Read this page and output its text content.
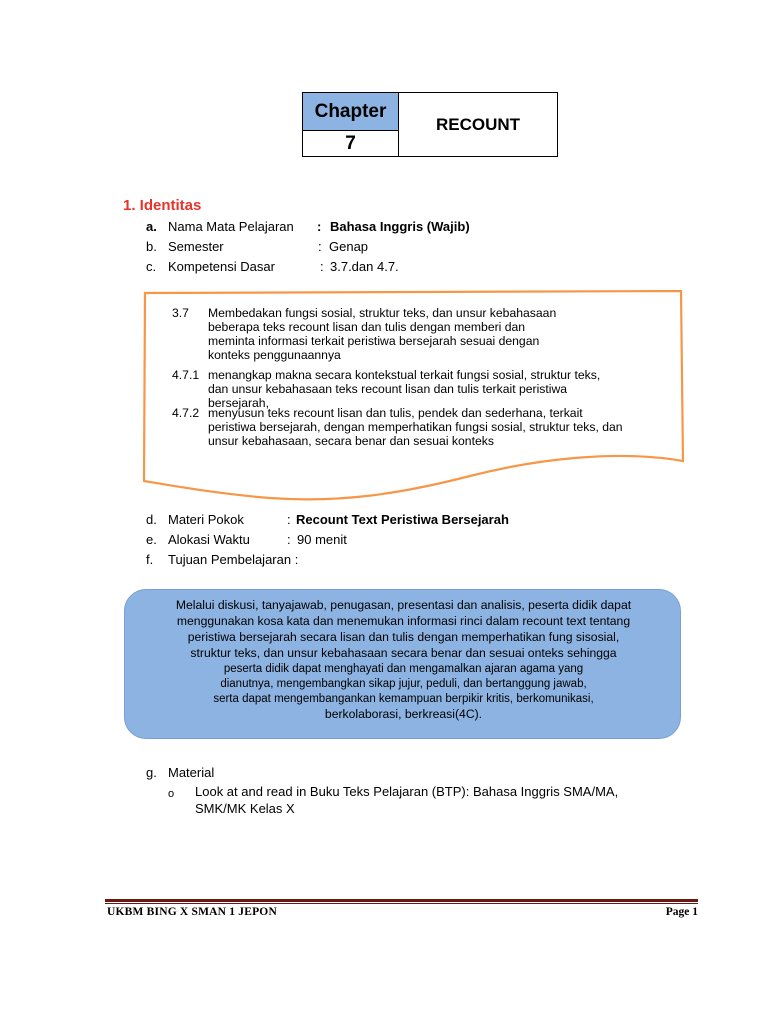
Chapter
7
RECOUNT
1. Identitas
a. Nama Mata Pelajaran : Bahasa Inggris (Wajib)
b. Semester	: Genap
c. Kompetensi Dasar	: 3.7.dan 4.7.
3.7 Membedakan fungsi sosial, struktur teks, dan unsur kebahasaan
beberapa teks recount lisan dan tulis dengan memberi dan
meminta informasi terkait peristiwa bersejarah sesuai dengan
konteks penggunaannya
4.7.1 menangkap makna secara kontekstual terkait fungsi sosial, struktur teks,
dan unsur kebahasaan teks recount lisan dan tulis terkait peristiwa
bersejarah,
4.7.2 menyusun teks recount lisan dan tulis, pendek dan sederhana, terkait
peristiwa bersejarah, dengan memperhatikan fungsi sosial, struktur teks, dan
unsur kebahasaan, secara benar dan sesuai konteks
d. Materi Pokok	: Recount Text Peristiwa Bersejarah
e. Alokasi Waktu	: 90 menit
f. Tujuan Pembelajaran :
Melalui diskusi, tanyajawab, penugasan, presentasi dan analisis, peserta didik dapat
menggunakan kosa kata dan menemukan informasi rinci dalam recount text tentang
peristiwa bersejarah secara lisan dan tulis dengan memperhatikan fung sisosial,
struktur teks, dan unsur kebahasaan secara benar dan sesuai onteks sehingga
peserta didik dapat menghayati dan mengamalkan ajaran agama yang
dianutnya, mengembangkan sikap jujur, peduli, dan bertanggung jawab,
serta dapat mengembangankan kemampuan berpikir kritis, berkomunikasi,
berkolaborasi, berkreasi(4C).
g. Material
o Look at and read in Buku Teks Pelajaran (BTP): Bahasa Inggris SMA/MA,
SMK/MK Kelas X
UKBM BING X SMAN 1 JEPON	Page 1
